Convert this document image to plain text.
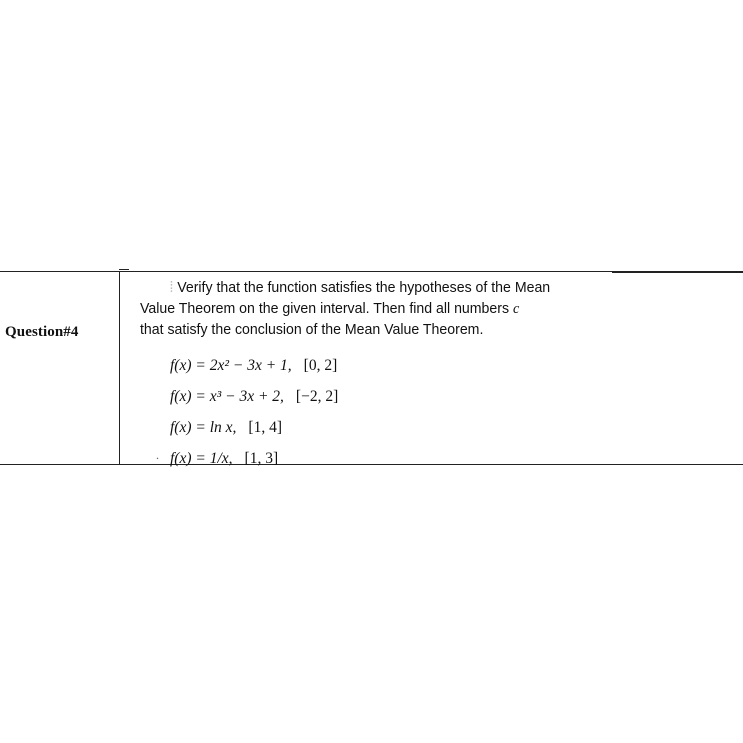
Question#4
⁞ Verify that the function satisfies the hypotheses of the Mean
Value Theorem on the given interval. Then find all numbers c
that satisfy the conclusion of the Mean Value Theorem.
f(x) = 2x² − 3x + 1, [0, 2]
f(x) = x³ − 3x + 2, [−2, 2]
f(x) = ln x, [1, 4]
f(x) = 1/x, [1, 3]
.
